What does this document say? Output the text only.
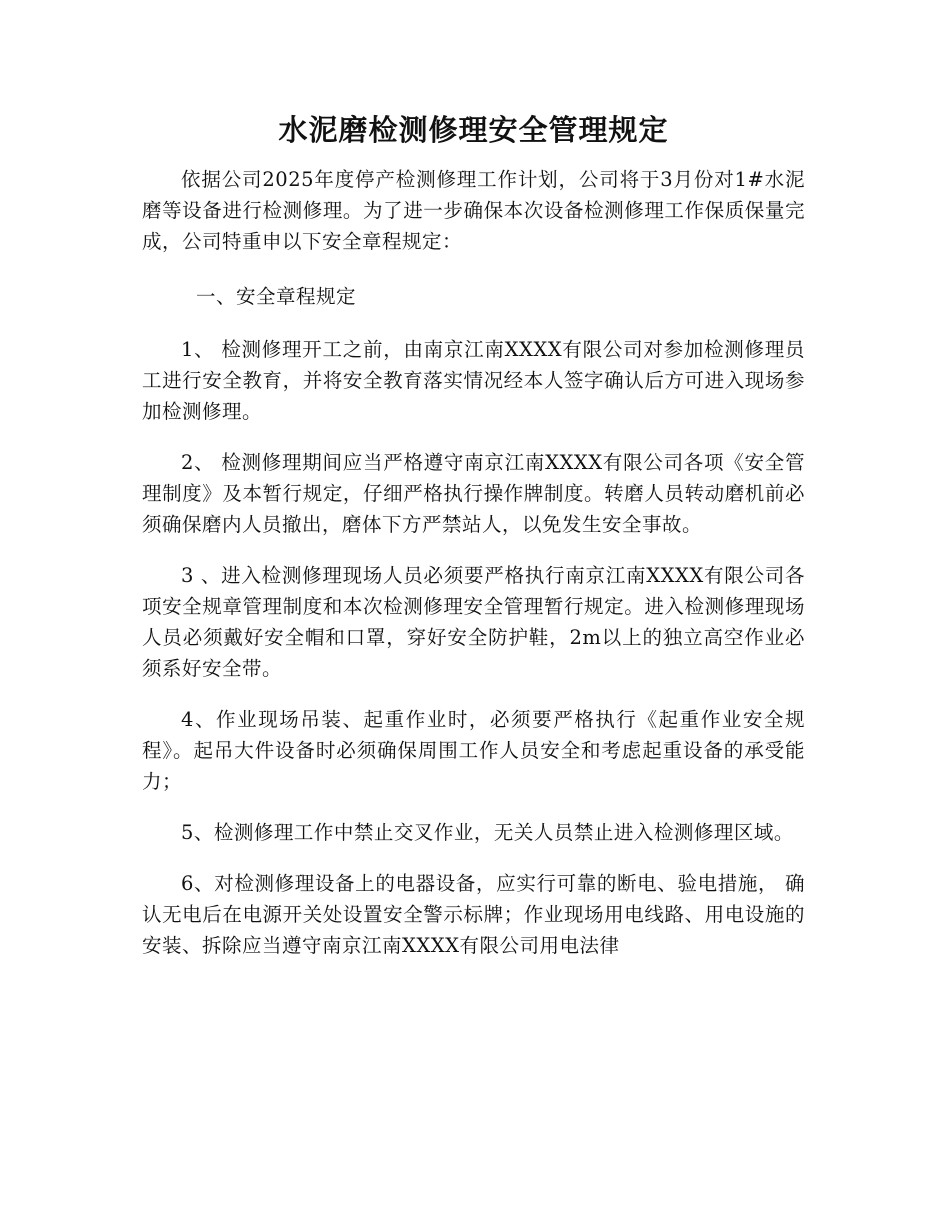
水泥磨检测修理安全管理规定

依据公司2025年度停产检测修理工作计划，公司将于3月份对1#水泥磨等设备进行检测修理。为了进一步确保本次设备检测修理工作保质保量完成，公司特重申以下安全章程规定：

一、安全章程规定

1、 检测修理开工之前，由南京江南XXXX有限公司对参加检测修理员工进行安全教育，并将安全教育落实情况经本人签字确认后方可进入现场参加检测修理。

2、 检测修理期间应当严格遵守南京江南XXXX有限公司各项《安全管理制度》及本暂行规定，仔细严格执行操作牌制度。转磨人员转动磨机前必须确保磨内人员撤出，磨体下方严禁站人，以免发生安全事故。

3 、进入检测修理现场人员必须要严格执行南京江南XXXX有限公司各项安全规章管理制度和本次检测修理安全管理暂行规定。进入检测修理现场人员必须戴好安全帽和口罩，穿好安全防护鞋，2m以上的独立高空作业必须系好安全带。

4、作业现场吊装、起重作业时，必须要严格执行《起重作业安全规程》。起吊大件设备时必须确保周围工作人员安全和考虑起重设备的承受能力；

5、检测修理工作中禁止交叉作业，无关人员禁止进入检测修理区域。

6、对检测修理设备上的电器设备，应实行可靠的断电、验电措施， 确认无电后在电源开关处设置安全警示标牌；作业现场用电线路、用电设施的安装、拆除应当遵守南京江南XXXX有限公司用电法律
